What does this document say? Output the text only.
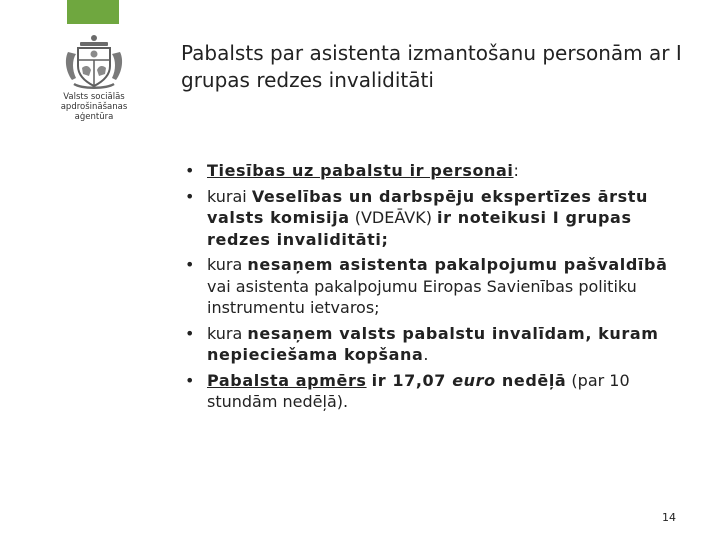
Valsts sociālās
apdrošināšanas
aģentūra
Pabalsts par asistenta izmantošanu personām ar I grupas redzes invaliditāti
• Tiesības uz pabalstu ir personai:
• kurai Veselības un darbspēju ekspertīzes ārstu valsts komisija (VDEĀVK) ir noteikusi I grupas redzes invaliditāti;
• kura nesaņem asistenta pakalpojumu pašvaldībā vai asistenta pakalpojumu Eiropas Savienības politiku instrumentu ietvaros;
• kura nesaņem valsts pabalstu invalīdam, kuram nepieciešama kopšana.
• Pabalsta apmērs ir 17,07 euro nedēļā (par 10 stundām nedēļā).
14
